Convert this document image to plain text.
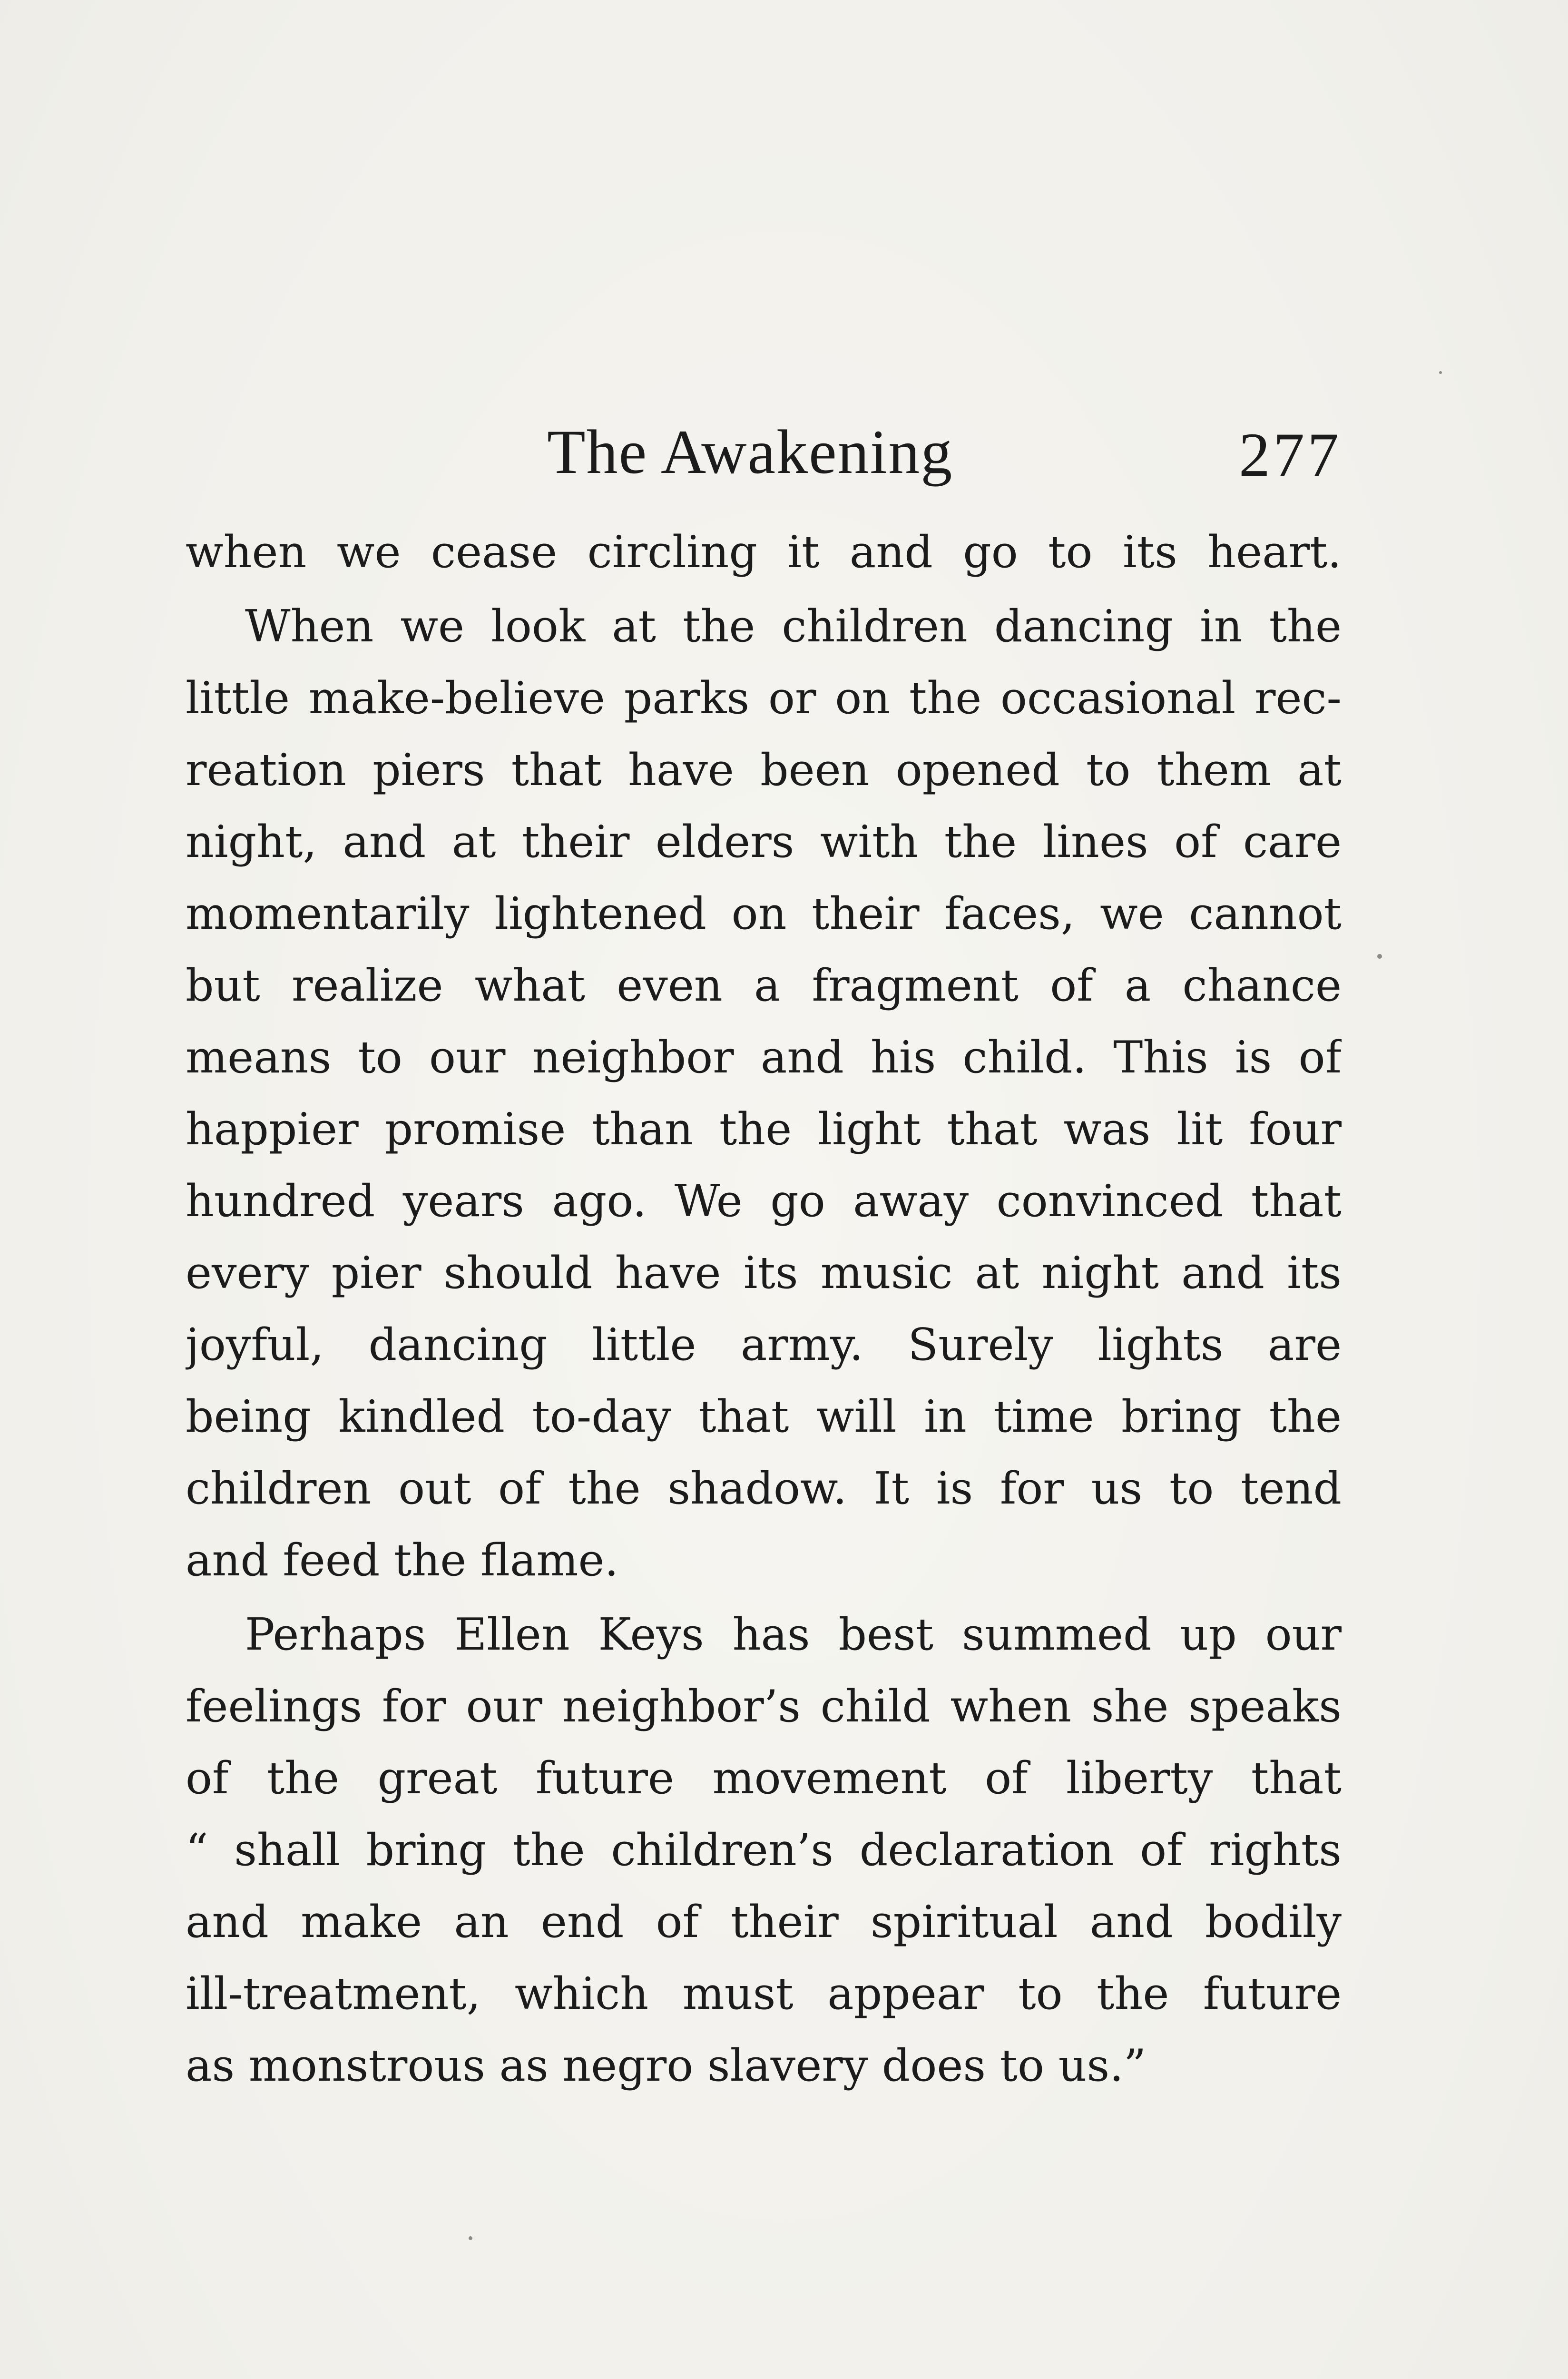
The Awakening	277
when we cease circling it and go to its heart.
When we look at the children dancing in the
little make-believe parks or on the occasional rec-
reation piers that have been opened to them at
night, and at their elders with the lines of care
momentarily lightened on their faces, we cannot
but realize what even a fragment of a chance
means to our neighbor and his child. This is of
happier promise than the light that was lit four
hundred years ago. We go away convinced that
every pier should have its music at night and its
joyful, dancing little army. Surely lights are
being kindled to-day that will in time bring the
children out of the shadow. It is for us to tend
and feed the flame.
Perhaps Ellen Keys has best summed up our
feelings for our neighbor’s child when she speaks
of the great future movement of liberty that
“ shall bring the children’s declaration of rights
and make an end of their spiritual and bodily
ill-treatment, which must appear to the future
as monstrous as negro slavery does to us.”
